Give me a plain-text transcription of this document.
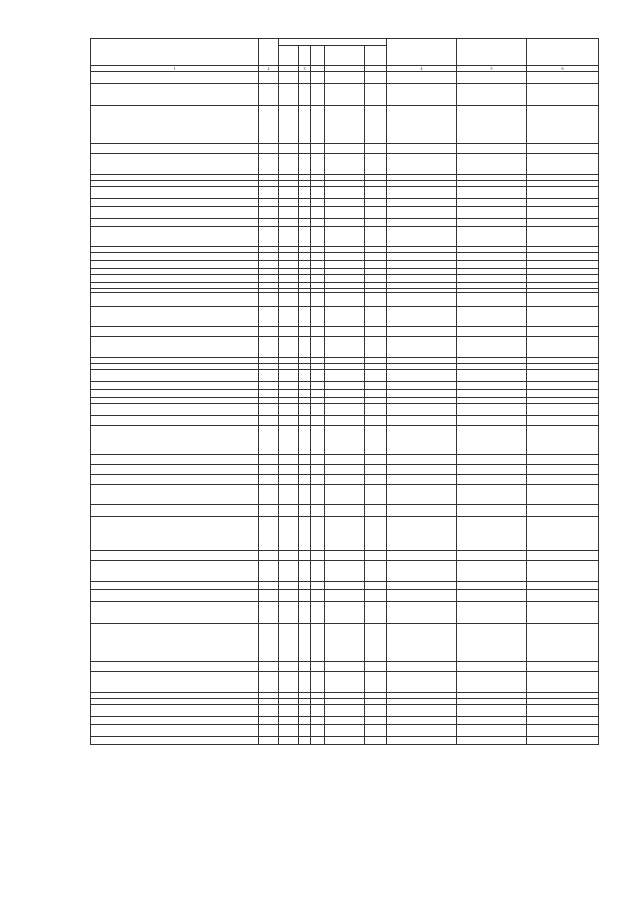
1	2		3				4	5	6
